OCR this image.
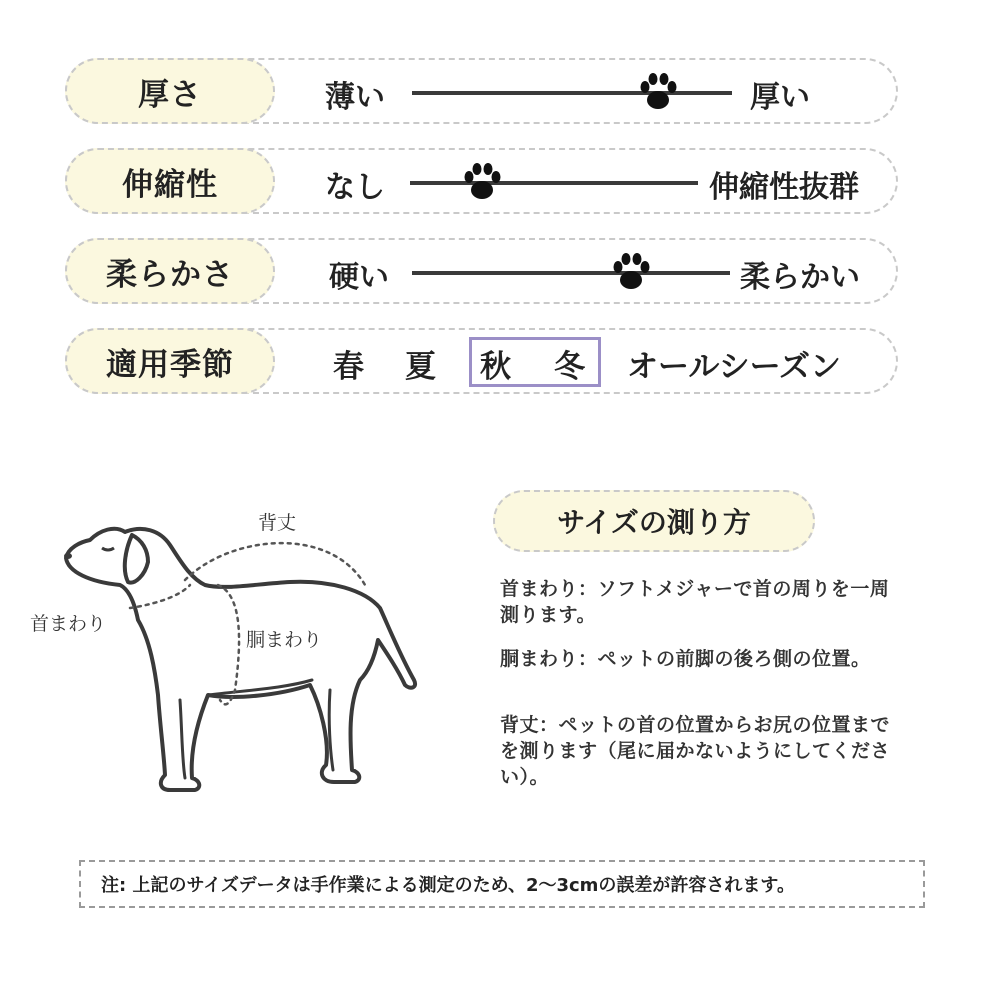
厚さ	薄い	厚い
伸縮性	なし	伸縮性抜群
柔らかさ	硬い	柔らかい
適用季節	春 夏 秋 冬 オールシーズン
背丈
首まわり
胴まわり
サイズの測り方
首まわり：ソフトメジャーで首の周りを一周測ります。
胴まわり：ペットの前脚の後ろ側の位置。
背丈：ペットの首の位置からお尻の位置までを測ります（尾に届かないようにしてください）。
注: 上記のサイズデータは手作業による測定のため、2〜3cmの誤差が許容されます。
